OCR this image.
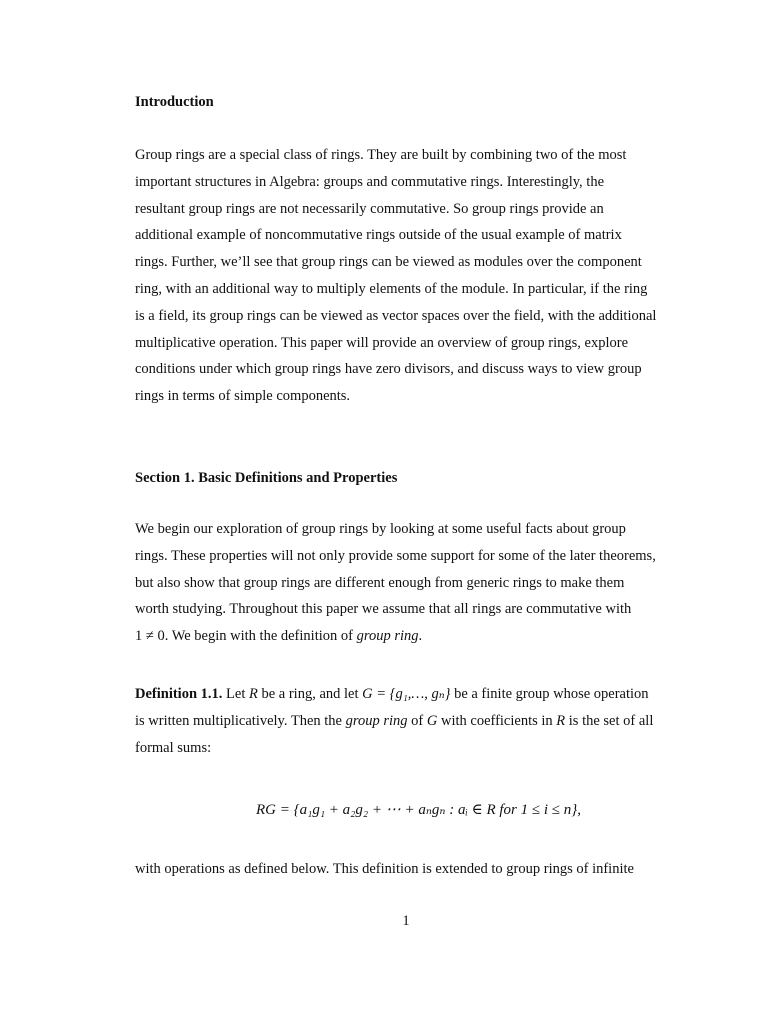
Introduction
Group rings are a special class of rings. They are built by combining two of the most
important structures in Algebra: groups and commutative rings. Interestingly, the
resultant group rings are not necessarily commutative. So group rings provide an
additional example of noncommutative rings outside of the usual example of matrix
rings. Further, we’ll see that group rings can be viewed as modules over the component
ring, with an additional way to multiply elements of the module. In particular, if the ring
is a field, its group rings can be viewed as vector spaces over the field, with the additional
multiplicative operation. This paper will provide an overview of group rings, explore
conditions under which group rings have zero divisors, and discuss ways to view group
rings in terms of simple components.
Section 1. Basic Definitions and Properties
We begin our exploration of group rings by looking at some useful facts about group
rings. These properties will not only provide some support for some of the later theorems,
but also show that group rings are different enough from generic rings to make them
worth studying. Throughout this paper we assume that all rings are commutative with
1 ≠ 0. We begin with the definition of group ring.
Definition 1.1. Let R be a ring, and let G = {g₁,…, gₙ} be a finite group whose operation
is written multiplicatively. Then the group ring of G with coefficients in R is the set of all
formal sums:
RG = {a₁g₁ + a₂g₂ + ⋯ + aₙgₙ : aᵢ ∈ R for 1 ≤ i ≤ n},
with operations as defined below. This definition is extended to group rings of infinite
1
